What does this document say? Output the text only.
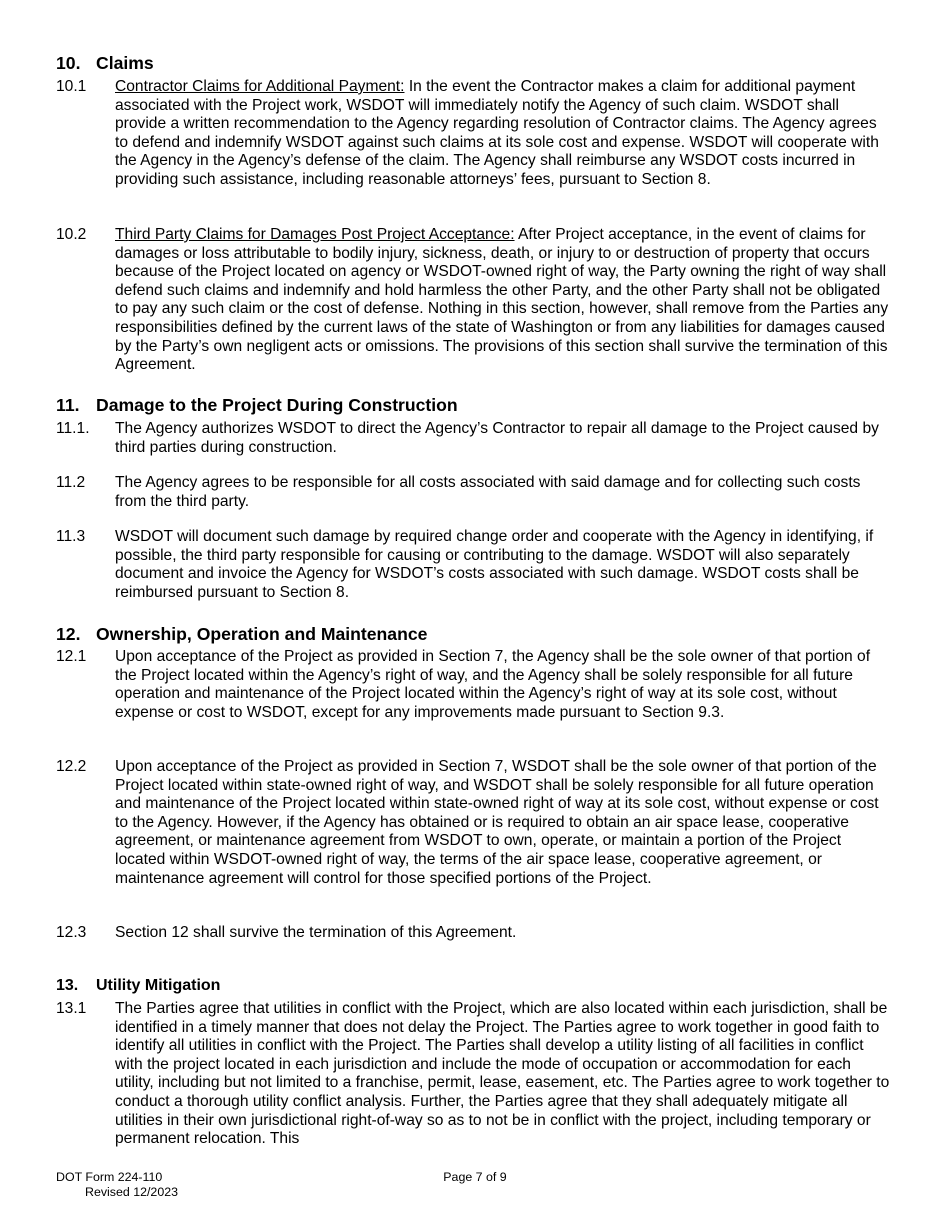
10. Claims
10.1 Contractor Claims for Additional Payment: In the event the Contractor makes a claim for additional payment associated with the Project work, WSDOT will immediately notify the Agency of such claim. WSDOT shall provide a written recommendation to the Agency regarding resolution of Contractor claims. The Agency agrees to defend and indemnify WSDOT against such claims at its sole cost and expense. WSDOT will cooperate with the Agency in the Agency’s defense of the claim. The Agency shall reimburse any WSDOT costs incurred in providing such assistance, including reasonable attorneys’ fees, pursuant to Section 8.
10.2 Third Party Claims for Damages Post Project Acceptance: After Project acceptance, in the event of claims for damages or loss attributable to bodily injury, sickness, death, or injury to or destruction of property that occurs because of the Project located on agency or WSDOT-owned right of way, the Party owning the right of way shall defend such claims and indemnify and hold harmless the other Party, and the other Party shall not be obligated to pay any such claim or the cost of defense. Nothing in this section, however, shall remove from the Parties any responsibilities defined by the current laws of the state of Washington or from any liabilities for damages caused by the Party’s own negligent acts or omissions. The provisions of this section shall survive the termination of this Agreement.
11. Damage to the Project During Construction
11.1. The Agency authorizes WSDOT to direct the Agency’s Contractor to repair all damage to the Project caused by third parties during construction.
11.2 The Agency agrees to be responsible for all costs associated with said damage and for collecting such costs from the third party.
11.3 WSDOT will document such damage by required change order and cooperate with the Agency in identifying, if possible, the third party responsible for causing or contributing to the damage. WSDOT will also separately document and invoice the Agency for WSDOT’s costs associated with such damage. WSDOT costs shall be reimbursed pursuant to Section 8.
12. Ownership, Operation and Maintenance
12.1 Upon acceptance of the Project as provided in Section 7, the Agency shall be the sole owner of that portion of the Project located within the Agency’s right of way, and the Agency shall be solely responsible for all future operation and maintenance of the Project located within the Agency’s right of way at its sole cost, without expense or cost to WSDOT, except for any improvements made pursuant to Section 9.3.
12.2 Upon acceptance of the Project as provided in Section 7, WSDOT shall be the sole owner of that portion of the Project located within state-owned right of way, and WSDOT shall be solely responsible for all future operation and maintenance of the Project located within state-owned right of way at its sole cost, without expense or cost to the Agency. However, if the Agency has obtained or is required to obtain an air space lease, cooperative agreement, or maintenance agreement from WSDOT to own, operate, or maintain a portion of the Project located within WSDOT-owned right of way, the terms of the air space lease, cooperative agreement, or maintenance agreement will control for those specified portions of the Project.
12.3 Section 12 shall survive the termination of this Agreement.
13. Utility Mitigation
13.1 The Parties agree that utilities in conflict with the Project, which are also located within each jurisdiction, shall be identified in a timely manner that does not delay the Project. The Parties agree to work together in good faith to identify all utilities in conflict with the Project. The Parties shall develop a utility listing of all facilities in conflict with the project located in each jurisdiction and include the mode of occupation or accommodation for each utility, including but not limited to a franchise, permit, lease, easement, etc. The Parties agree to work together to conduct a thorough utility conflict analysis. Further, the Parties agree that they shall adequately mitigate all utilities in their own jurisdictional right-of-way so as to not be in conflict with the project, including temporary or permanent relocation. This
DOT Form 224-110
Revised 12/2023
Page 7 of 9
